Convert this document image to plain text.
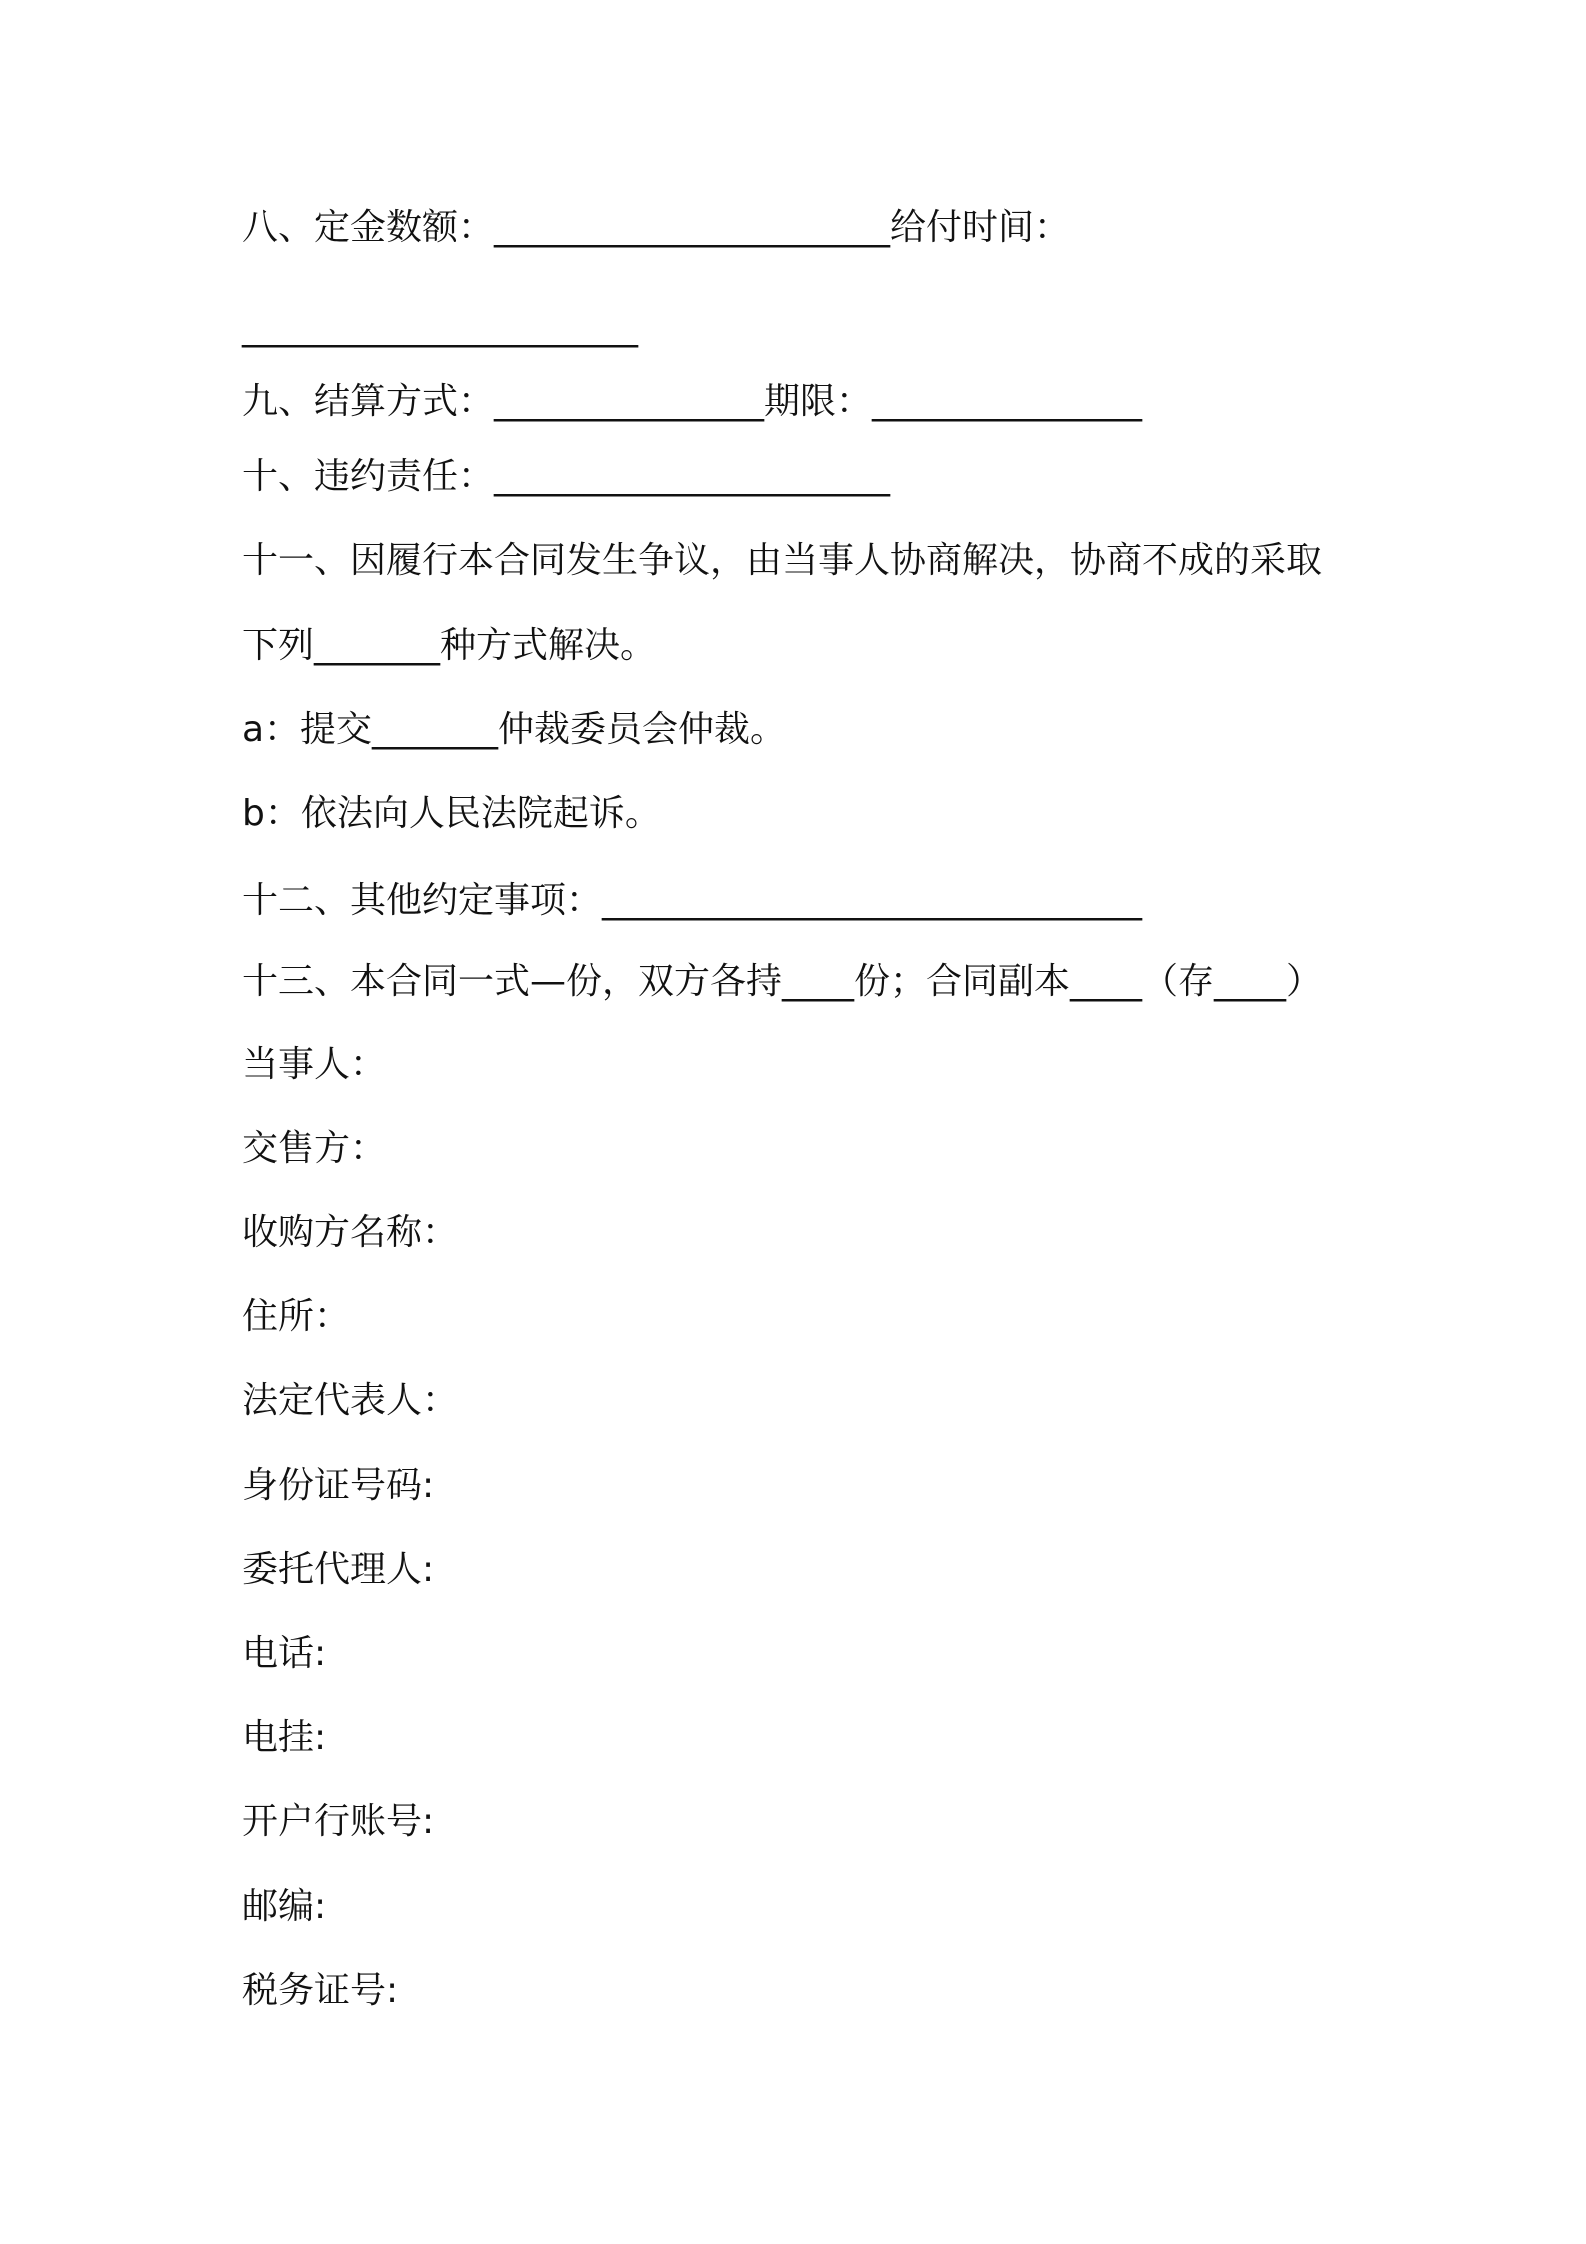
八、定金数额：______________________给付时间：

______________________

九、结算方式：_______________期限：_______________

十、违约责任：______________________

十一、因履行本合同发生争议，由当事人协商解决，协商不成的采取

下列_______种方式解决。

a：提交_______仲裁委员会仲裁。

b：依法向人民法院起诉。

十二、其他约定事项：______________________________

十三、本合同一式—份，双方各持____份；合同副本____（存____）

当事人：

交售方：

收购方名称：

住所：

法定代表人：

身份证号码:

委托代理人:

电话:

电挂:

开户行账号:

邮编:

税务证号:
